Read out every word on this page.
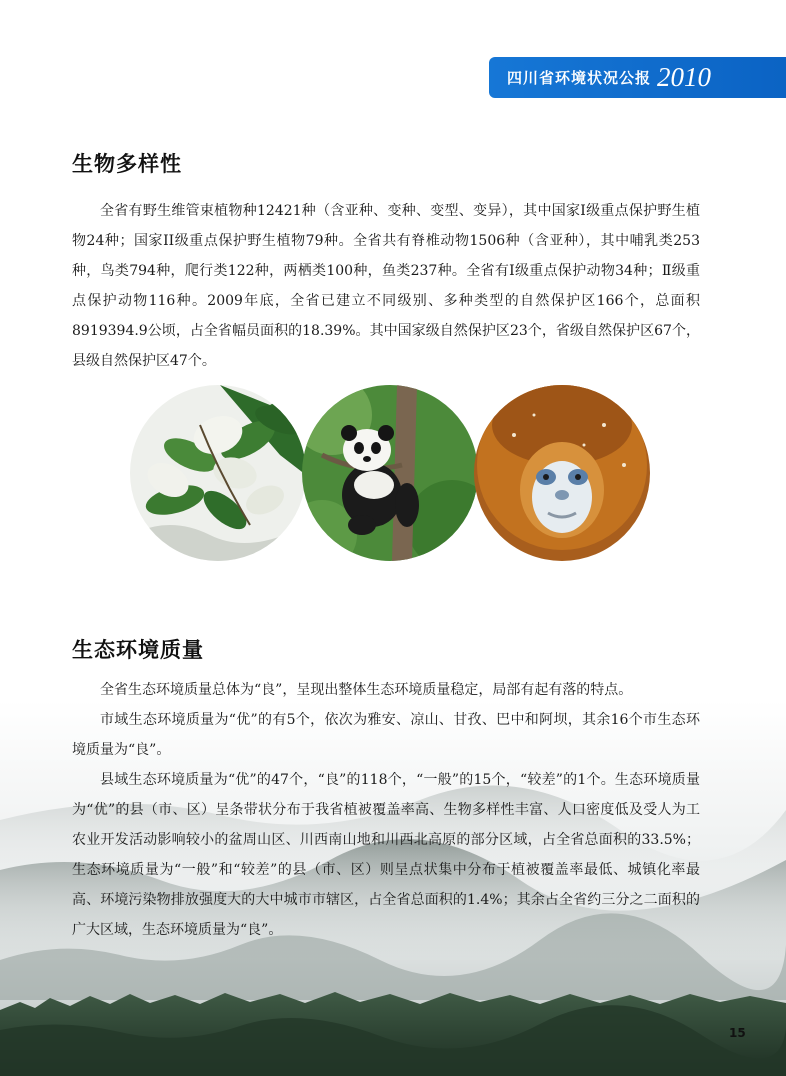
四川省环境状况公报 2010
生物多样性

全省有野生维管束植物种12421种（含亚种、变种、变型、变异），其中国家I级重点保护野生植物24种；国家II级重点保护野生植物79种。全省共有脊椎动物1506种（含亚种），其中哺乳类253种，鸟类794种，爬行类122种，两栖类100种，鱼类237种。全省有Ⅰ级重点保护动物34种；Ⅱ级重点保护动物116种。2009年底，全省已建立不同级别、多种类型的自然保护区166个，总面积8919394.9公顷，占全省幅员面积的18.39%。其中国家级自然保护区23个，省级自然保护区67个，县级自然保护区47个。

生态环境质量

全省生态环境质量总体为“良”，呈现出整体生态环境质量稳定，局部有起有落的特点。

市域生态环境质量为“优”的有5个，依次为雅安、凉山、甘孜、巴中和阿坝，其余16个市生态环境质量为“良”。

县域生态环境质量为“优”的47个，“良”的118个，“一般”的15个，“较差”的1个。生态环境质量为“优”的县（市、区）呈条带状分布于我省植被覆盖率高、生物多样性丰富、人口密度低及受人为工农业开发活动影响较小的盆周山区、川西南山地和川西北高原的部分区域，占全省总面积的33.5%；生态环境质量为“一般”和“较差”的县（市、区）则呈点状集中分布于植被覆盖率最低、城镇化率最高、环境污染物排放强度大的大中城市市辖区，占全省总面积的1.4%；其余占全省约三分之二面积的广大区域，生态环境质量为“良”。

15
